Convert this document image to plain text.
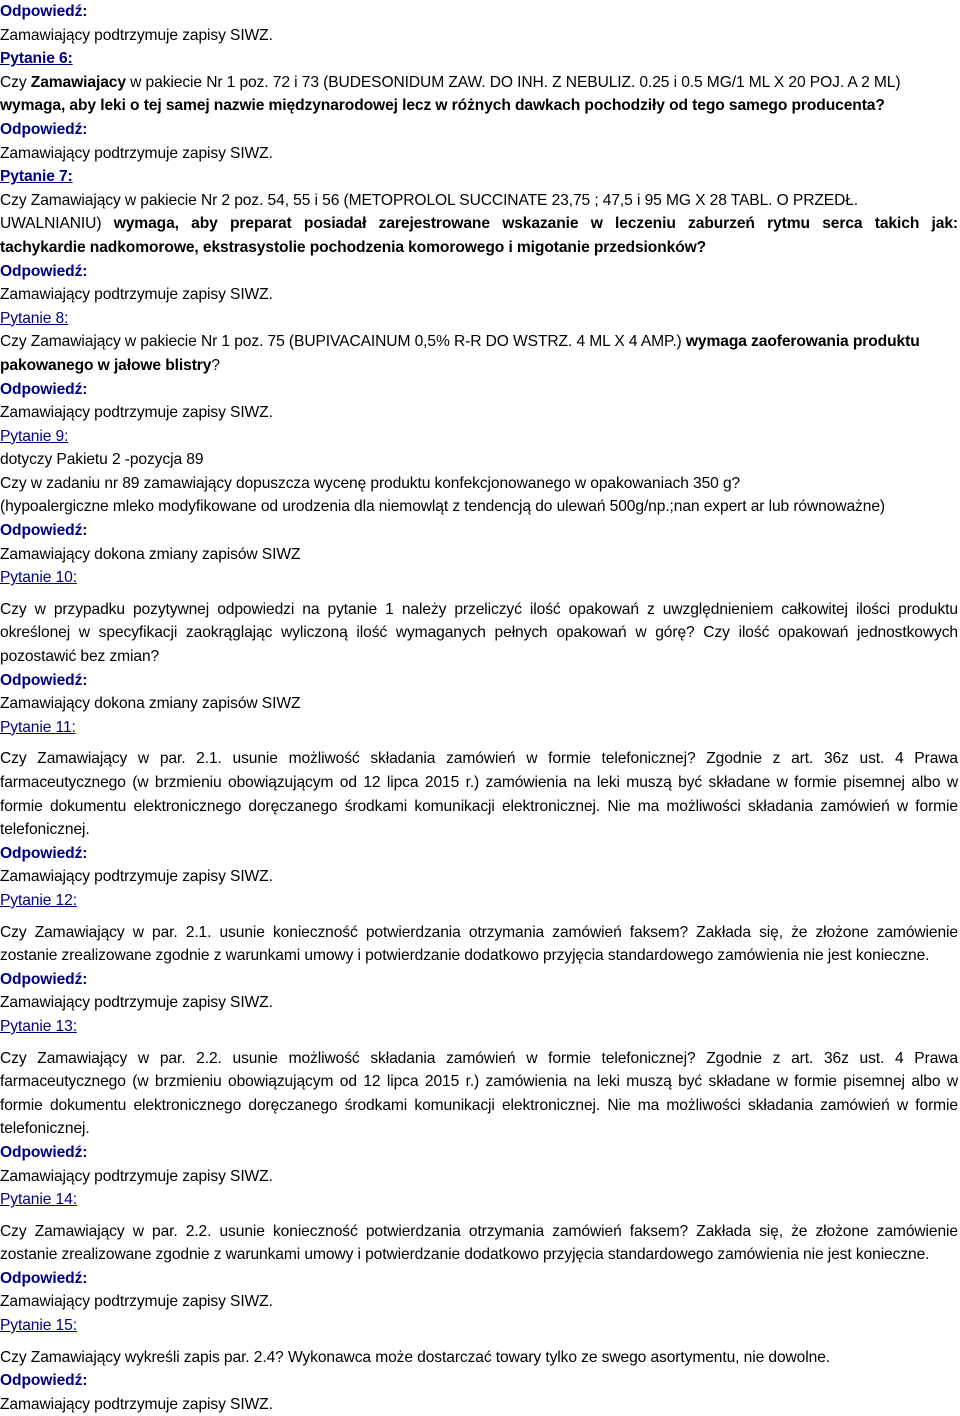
Odpowiedź:
Zamawiający podtrzymuje zapisy SIWZ.
Pytanie 6:
Czy Zamawiajacy w pakiecie Nr 1 poz. 72 i 73 (BUDESONIDUM ZAW. DO INH. Z NEBULIZ. 0.25 i 0.5 MG/1 ML X 20 POJ. A 2 ML)
wymaga, aby leki o tej samej nazwie międzynarodowej lecz w różnych dawkach pochodziły od tego samego producenta?
Odpowiedź:
Zamawiający podtrzymuje zapisy SIWZ.
Pytanie 7:
Czy Zamawiający w pakiecie Nr 2 poz. 54, 55 i 56 (METOPROLOL SUCCINATE 23,75 ; 47,5 i 95 MG X 28 TABL. O PRZEDŁ.
UWALNIANIU) wymaga, aby preparat posiadał zarejestrowane wskazanie w leczeniu zaburzeń rytmu serca takich jak:
tachykardie nadkomorowe, ekstrasystolie pochodzenia komorowego i migotanie przedsionków?
Odpowiedź:
Zamawiający podtrzymuje zapisy SIWZ.
Pytanie 8:
Czy Zamawiający w pakiecie Nr 1 poz. 75 (BUPIVACAINUM 0,5% R-R DO WSTRZ. 4 ML X 4 AMP.) wymaga zaoferowania produktu
pakowanego w jałowe blistry?
Odpowiedź:
Zamawiający podtrzymuje zapisy SIWZ.
Pytanie 9:
dotyczy Pakietu 2 -pozycja 89
Czy w zadaniu nr 89 zamawiający dopuszcza wycenę produktu konfekcjonowanego w opakowaniach 350 g?
(hypoalergiczne mleko modyfikowane od urodzenia dla niemowląt z tendencją do ulewań 500g/np.;nan expert ar lub równoważne)
Odpowiedź:
Zamawiający dokona zmiany zapisów SIWZ
Pytanie 10:
Czy w przypadku pozytywnej odpowiedzi na pytanie 1 należy przeliczyć ilość opakowań z uwzględnieniem całkowitej ilości produktu określonej w specyfikacji zaokrąglając wyliczoną ilość wymaganych pełnych opakowań w górę? Czy ilość opakowań jednostkowych pozostawić bez zmian?
Odpowiedź:
Zamawiający dokona zmiany zapisów SIWZ
Pytanie 11:
Czy Zamawiający w par. 2.1. usunie możliwość składania zamówień w formie telefonicznej? Zgodnie z art. 36z ust. 4 Prawa farmaceutycznego (w brzmieniu obowiązującym od 12 lipca 2015 r.) zamówienia na leki muszą być składane w formie pisemnej albo w formie dokumentu elektronicznego doręczanego środkami komunikacji elektronicznej. Nie ma możliwości składania zamówień w formie telefonicznej.
Odpowiedź:
Zamawiający podtrzymuje zapisy SIWZ.
Pytanie 12:
Czy Zamawiający w par. 2.1. usunie konieczność potwierdzania otrzymania zamówień faksem? Zakłada się, że złożone zamówienie zostanie zrealizowane zgodnie z warunkami umowy i potwierdzanie dodatkowo przyjęcia standardowego zamówienia nie jest konieczne.
Odpowiedź:
Zamawiający podtrzymuje zapisy SIWZ.
Pytanie 13:
Czy Zamawiający w par. 2.2. usunie możliwość składania zamówień w formie telefonicznej? Zgodnie z art. 36z ust. 4 Prawa farmaceutycznego (w brzmieniu obowiązującym od 12 lipca 2015 r.) zamówienia na leki muszą być składane w formie pisemnej albo w formie dokumentu elektronicznego doręczanego środkami komunikacji elektronicznej. Nie ma możliwości składania zamówień w formie telefonicznej.
Odpowiedź:
Zamawiający podtrzymuje zapisy SIWZ.
Pytanie 14:
Czy Zamawiający w par. 2.2. usunie konieczność potwierdzania otrzymania zamówień faksem? Zakłada się, że złożone zamówienie zostanie zrealizowane zgodnie z warunkami umowy i potwierdzanie dodatkowo przyjęcia standardowego zamówienia nie jest konieczne.
Odpowiedź:
Zamawiający podtrzymuje zapisy SIWZ.
Pytanie 15:
Czy Zamawiający wykreśli zapis par. 2.4? Wykonawca może dostarczać towary tylko ze swego asortymentu, nie dowolne.
Odpowiedź:
Zamawiający podtrzymuje zapisy SIWZ.
